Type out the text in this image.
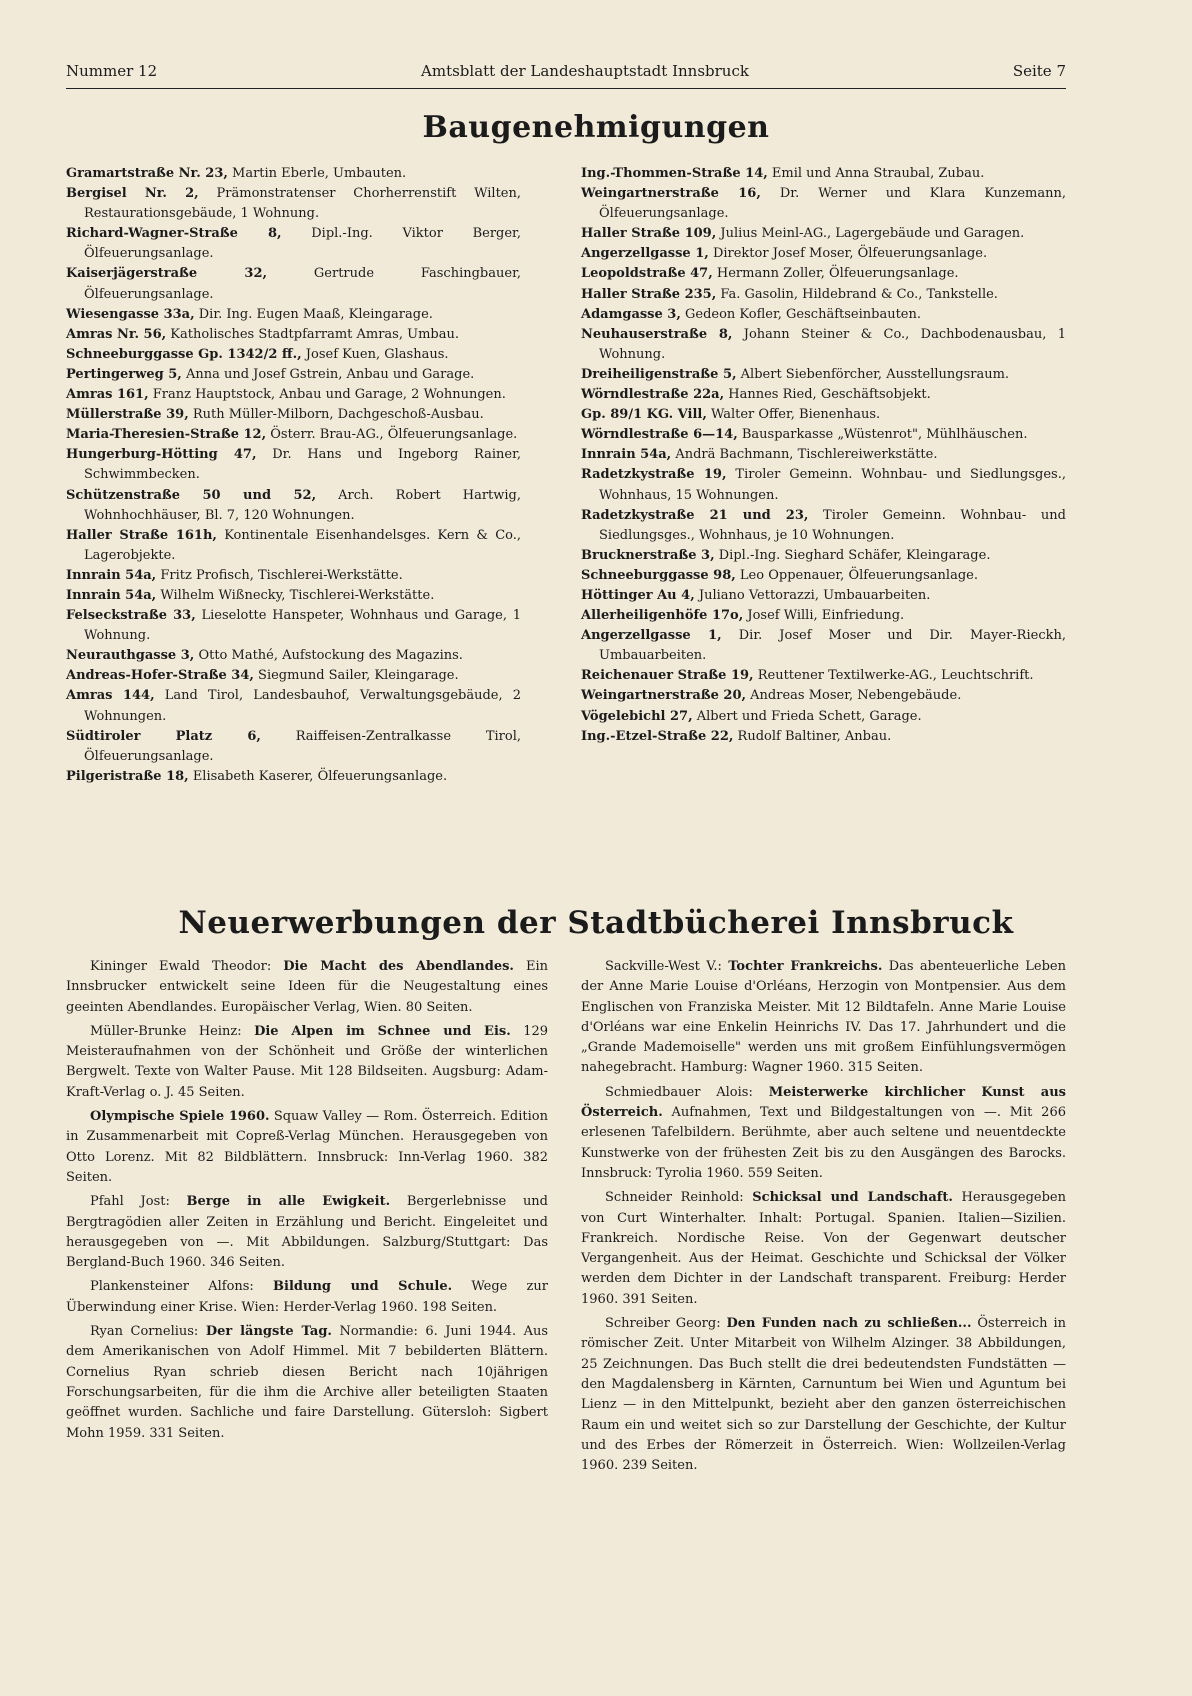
Nummer 12	Amtsblatt der Landeshauptstadt Innsbruck	Seite 7
Baugenehmigungen
Gramartstraße Nr. 23, Martin Eberle, Umbauten.
Bergisel Nr. 2, Prämonstratenser Chorherrenstift Wilten, Restaurationsgebäude, 1 Wohnung.
Richard-Wagner-Straße 8, Dipl.-Ing. Viktor Berger, Ölfeuerungsanlage.
Kaiserjägerstraße 32, Gertrude Faschingbauer, Ölfeuerungsanlage.
Wiesengasse 33a, Dir. Ing. Eugen Maaß, Kleingarage.
Amras Nr. 56, Katholisches Stadtpfarramt Amras, Umbau.
Schneeburggasse Gp. 1342/2 ff., Josef Kuen, Glashaus.
Pertingerweg 5, Anna und Josef Gstrein, Anbau und Garage.
Amras 161, Franz Hauptstock, Anbau und Garage, 2 Wohnungen.
Müllerstraße 39, Ruth Müller-Milborn, Dachgeschoß-Ausbau.
Maria-Theresien-Straße 12, Österr. Brau-AG., Ölfeuerungsanlage.
Hungerburg-Hötting 47, Dr. Hans und Ingeborg Rainer, Schwimmbecken.
Schützenstraße 50 und 52, Arch. Robert Hartwig, Wohnhochhäuser, Bl. 7, 120 Wohnungen.
Haller Straße 161h, Kontinentale Eisenhandelsges. Kern & Co., Lagerobjekte.
Innrain 54a, Fritz Profisch, Tischlerei-Werkstätte.
Innrain 54a, Wilhelm Wißnecky, Tischlerei-Werkstätte.
Felseckstraße 33, Lieselotte Hanspeter, Wohnhaus und Garage, 1 Wohnung.
Neurauthgasse 3, Otto Mathé, Aufstockung des Magazins.
Andreas-Hofer-Straße 34, Siegmund Sailer, Kleingarage.
Amras 144, Land Tirol, Landesbauhof, Verwaltungsgebäude, 2 Wohnungen.
Südtiroler Platz 6, Raiffeisen-Zentralkasse Tirol, Ölfeuerungsanlage.
Pilgeristraße 18, Elisabeth Kaserer, Ölfeuerungsanlage.
Ing.-Thommen-Straße 14, Emil und Anna Straubal, Zubau.
Weingartnerstraße 16, Dr. Werner und Klara Kunzemann, Ölfeuerungsanlage.
Haller Straße 109, Julius Meinl-AG., Lagergebäude und Garagen.
Angerzellgasse 1, Direktor Josef Moser, Ölfeuerungsanlage.
Leopoldstraße 47, Hermann Zoller, Ölfeuerungsanlage.
Haller Straße 235, Fa. Gasolin, Hildebrand & Co., Tankstelle.
Adamgasse 3, Gedeon Kofler, Geschäftseinbauten.
Neuhauserstraße 8, Johann Steiner & Co., Dachbodenausbau, 1 Wohnung.
Dreiheiligenstraße 5, Albert Siebenförcher, Ausstellungsraum.
Wörndlestraße 22a, Hannes Ried, Geschäftsobjekt.
Gp. 89/1 KG. Vill, Walter Offer, Bienenhaus.
Wörndlestraße 6—14, Bausparkasse „Wüstenrot", Mühlhäuschen.
Innrain 54a, Andrä Bachmann, Tischlereiwerkstätte.
Radetzkystraße 19, Tiroler Gemeinn. Wohnbau- und Siedlungsges., Wohnhaus, 15 Wohnungen.
Radetzkystraße 21 und 23, Tiroler Gemeinn. Wohnbau- und Siedlungsges., Wohnhaus, je 10 Wohnungen.
Brucknerstraße 3, Dipl.-Ing. Sieghard Schäfer, Kleingarage.
Schneeburggasse 98, Leo Oppenauer, Ölfeuerungsanlage.
Höttinger Au 4, Juliano Vettorazzi, Umbauarbeiten.
Allerheiligenhöfe 17o, Josef Willi, Einfriedung.
Angerzellgasse 1, Dir. Josef Moser und Dir. Mayer-Rieckh, Umbauarbeiten.
Reichenauer Straße 19, Reuttener Textilwerke-AG., Leuchtschrift.
Weingartnerstraße 20, Andreas Moser, Nebengebäude.
Vögelebichl 27, Albert und Frieda Schett, Garage.
Ing.-Etzel-Straße 22, Rudolf Baltiner, Anbau.
Neuerwerbungen der Stadtbücherei Innsbruck
Kininger Ewald Theodor: Die Macht des Abendlandes. Ein Innsbrucker entwickelt seine Ideen für die Neugestaltung eines geeinten Abendlandes. Europäischer Verlag, Wien. 80 Seiten.
Müller-Brunke Heinz: Die Alpen im Schnee und Eis. 129 Meisteraufnahmen von der Schönheit und Größe der winterlichen Bergwelt. Texte von Walter Pause. Mit 128 Bildseiten. Augsburg: Adam-Kraft-Verlag o. J. 45 Seiten.
Olympische Spiele 1960. Squaw Valley — Rom. Österreich. Edition in Zusammenarbeit mit Copreß-Verlag München. Herausgegeben von Otto Lorenz. Mit 82 Bildblättern. Innsbruck: Inn-Verlag 1960. 382 Seiten.
Pfahl Jost: Berge in alle Ewigkeit. Bergerlebnisse und Bergtragödien aller Zeiten in Erzählung und Bericht. Eingeleitet und herausgegeben von —. Mit Abbildungen. Salzburg/Stuttgart: Das Bergland-Buch 1960. 346 Seiten.
Plankensteiner Alfons: Bildung und Schule. Wege zur Überwindung einer Krise. Wien: Herder-Verlag 1960. 198 Seiten.
Ryan Cornelius: Der längste Tag. Normandie: 6. Juni 1944. Aus dem Amerikanischen von Adolf Himmel. Mit 7 bebilderten Blättern. Cornelius Ryan schrieb diesen Bericht nach 10jährigen Forschungsarbeiten, für die ihm die Archive aller beteiligten Staaten geöffnet wurden. Sachliche und faire Darstellung. Gütersloh: Sigbert Mohn 1959. 331 Seiten.
Sackville-West V.: Tochter Frankreichs. Das abenteuerliche Leben der Anne Marie Louise d'Orléans, Herzogin von Montpensier. Aus dem Englischen von Franziska Meister. Mit 12 Bildtafeln. Anne Marie Louise d'Orléans war eine Enkelin Heinrichs IV. Das 17. Jahrhundert und die „Grande Mademoiselle" werden uns mit großem Einfühlungsvermögen nahegebracht. Hamburg: Wagner 1960. 315 Seiten.
Schmiedbauer Alois: Meisterwerke kirchlicher Kunst aus Österreich. Aufnahmen, Text und Bildgestaltungen von —. Mit 266 erlesenen Tafelbildern. Berühmte, aber auch seltene und neuentdeckte Kunstwerke von der frühesten Zeit bis zu den Ausgängen des Barocks. Innsbruck: Tyrolia 1960. 559 Seiten.
Schneider Reinhold: Schicksal und Landschaft. Herausgegeben von Curt Winterhalter. Inhalt: Portugal. Spanien. Italien—Sizilien. Frankreich. Nordische Reise. Von der Gegenwart deutscher Vergangenheit. Aus der Heimat. Geschichte und Schicksal der Völker werden dem Dichter in der Landschaft transparent. Freiburg: Herder 1960. 391 Seiten.
Schreiber Georg: Den Funden nach zu schließen... Österreich in römischer Zeit. Unter Mitarbeit von Wilhelm Alzinger. 38 Abbildungen, 25 Zeichnungen. Das Buch stellt die drei bedeutendsten Fundstätten — den Magdalensberg in Kärnten, Carnuntum bei Wien und Aguntum bei Lienz — in den Mittelpunkt, bezieht aber den ganzen österreichischen Raum ein und weitet sich so zur Darstellung der Geschichte, der Kultur und des Erbes der Römerzeit in Österreich. Wien: Wollzeilen-Verlag 1960. 239 Seiten.
